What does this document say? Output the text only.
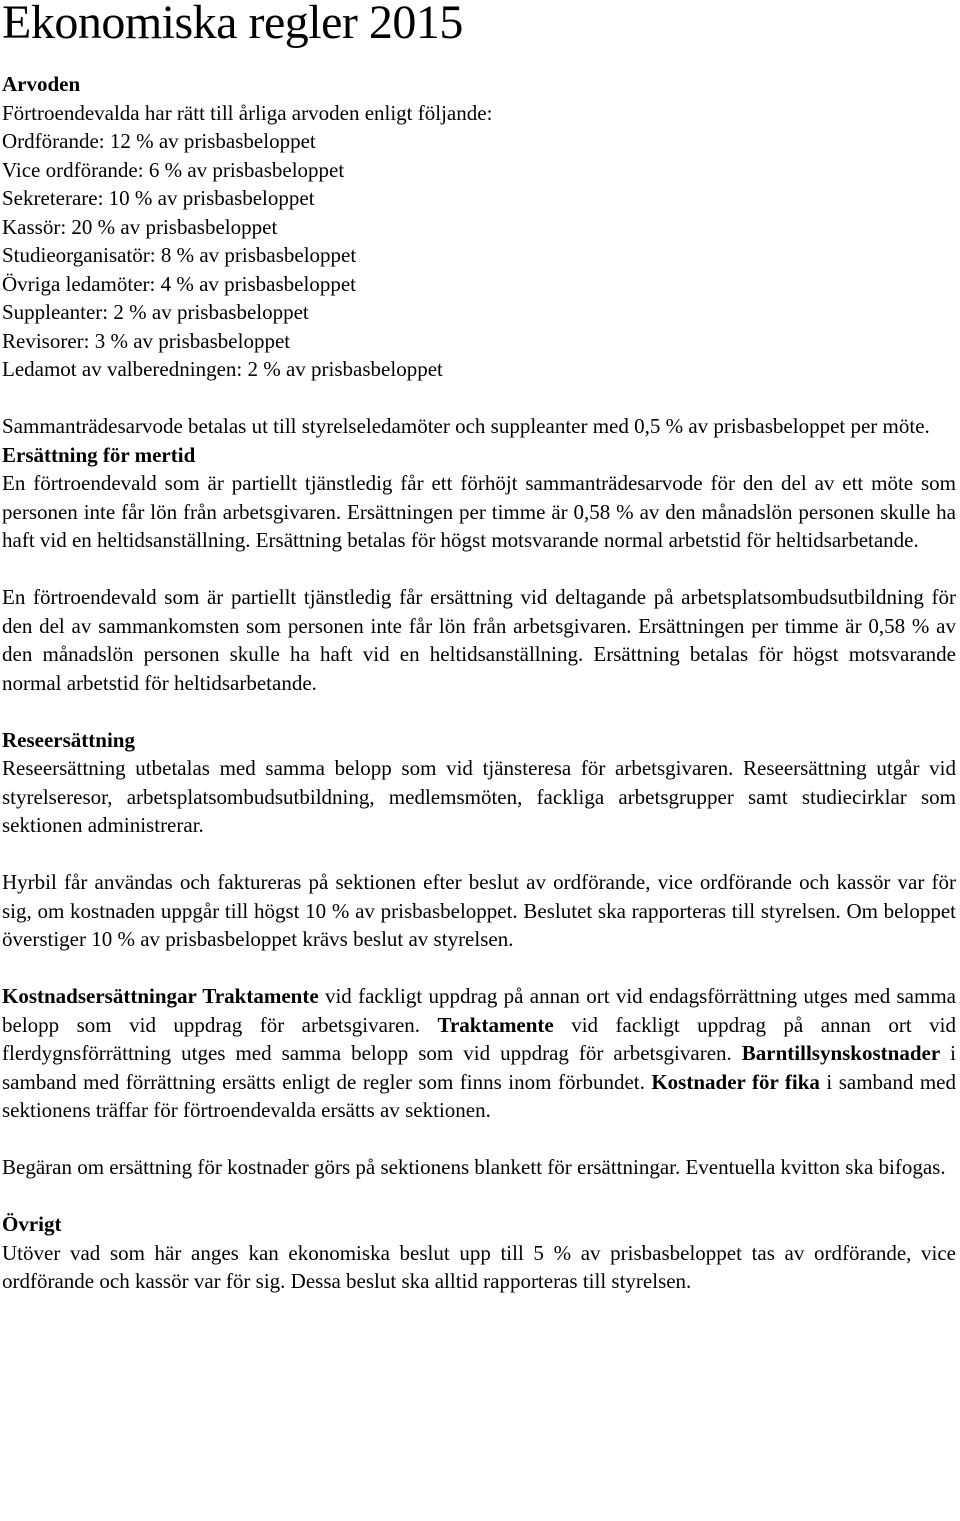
Ekonomiska regler 2015
Arvoden
Förtroendevalda har rätt till årliga arvoden enligt följande:
Ordförande: 12 % av prisbasbeloppet
Vice ordförande: 6 % av prisbasbeloppet
Sekreterare: 10 % av prisbasbeloppet
Kassör: 20 % av prisbasbeloppet
Studieorganisatör: 8 % av prisbasbeloppet
Övriga ledamöter: 4 % av prisbasbeloppet
Suppleanter: 2 % av prisbasbeloppet
Revisorer: 3 % av prisbasbeloppet
Ledamot av valberedningen: 2 % av prisbasbeloppet

Sammanträdesarvode betalas ut till styrelseledamöter och suppleanter med 0,5 % av prisbasbeloppet per möte.

Ersättning för mertid
En förtroendevald som är partiellt tjänstledig får ett förhöjt sammanträdesarvode för den del av ett möte som personen inte får lön från arbetsgivaren. Ersättningen per timme är 0,58 % av den månadslön personen skulle ha haft vid en heltidsanställning. Ersättning betalas för högst motsvarande normal arbetstid för heltidsarbetande.

En förtroendevald som är partiellt tjänstledig får ersättning vid deltagande på arbetsplatsombudsutbildning för den del av sammankomsten som personen inte får lön från arbetsgivaren. Ersättningen per timme är 0,58 % av den månadslön personen skulle ha haft vid en heltidsanställning. Ersättning betalas för högst motsvarande normal arbetstid för heltidsarbetande.

Reseersättning
Reseersättning utbetalas med samma belopp som vid tjänsteresa för arbetsgivaren. Reseersättning utgår vid styrelseresor, arbetsplatsombudsutbildning, medlemsmöten, fackliga arbetsgrupper samt studiecirklar som sektionen administrerar.

Hyrbil får användas och faktureras på sektionen efter beslut av ordförande, vice ordförande och kassör var för sig, om kostnaden uppgår till högst 10 % av prisbasbeloppet. Beslutet ska rapporteras till styrelsen. Om beloppet överstiger 10 % av prisbasbeloppet krävs beslut av styrelsen.

Kostnadsersättningar Traktamente vid fackligt uppdrag på annan ort vid endagsförrättning utges med samma belopp som vid uppdrag för arbetsgivaren. Traktamente vid fackligt uppdrag på annan ort vid flerdygnsförrättning utges med samma belopp som vid uppdrag för arbetsgivaren. Barntillsynskostnader i samband med förrättning ersätts enligt de regler som finns inom förbundet. Kostnader för fika i samband med sektionens träffar för förtroendevalda ersätts av sektionen.

Begäran om ersättning för kostnader görs på sektionens blankett för ersättningar. Eventuella kvitton ska bifogas.

Övrigt
Utöver vad som här anges kan ekonomiska beslut upp till 5 % av prisbasbeloppet tas av ordförande, vice ordförande och kassör var för sig. Dessa beslut ska alltid rapporteras till styrelsen.
